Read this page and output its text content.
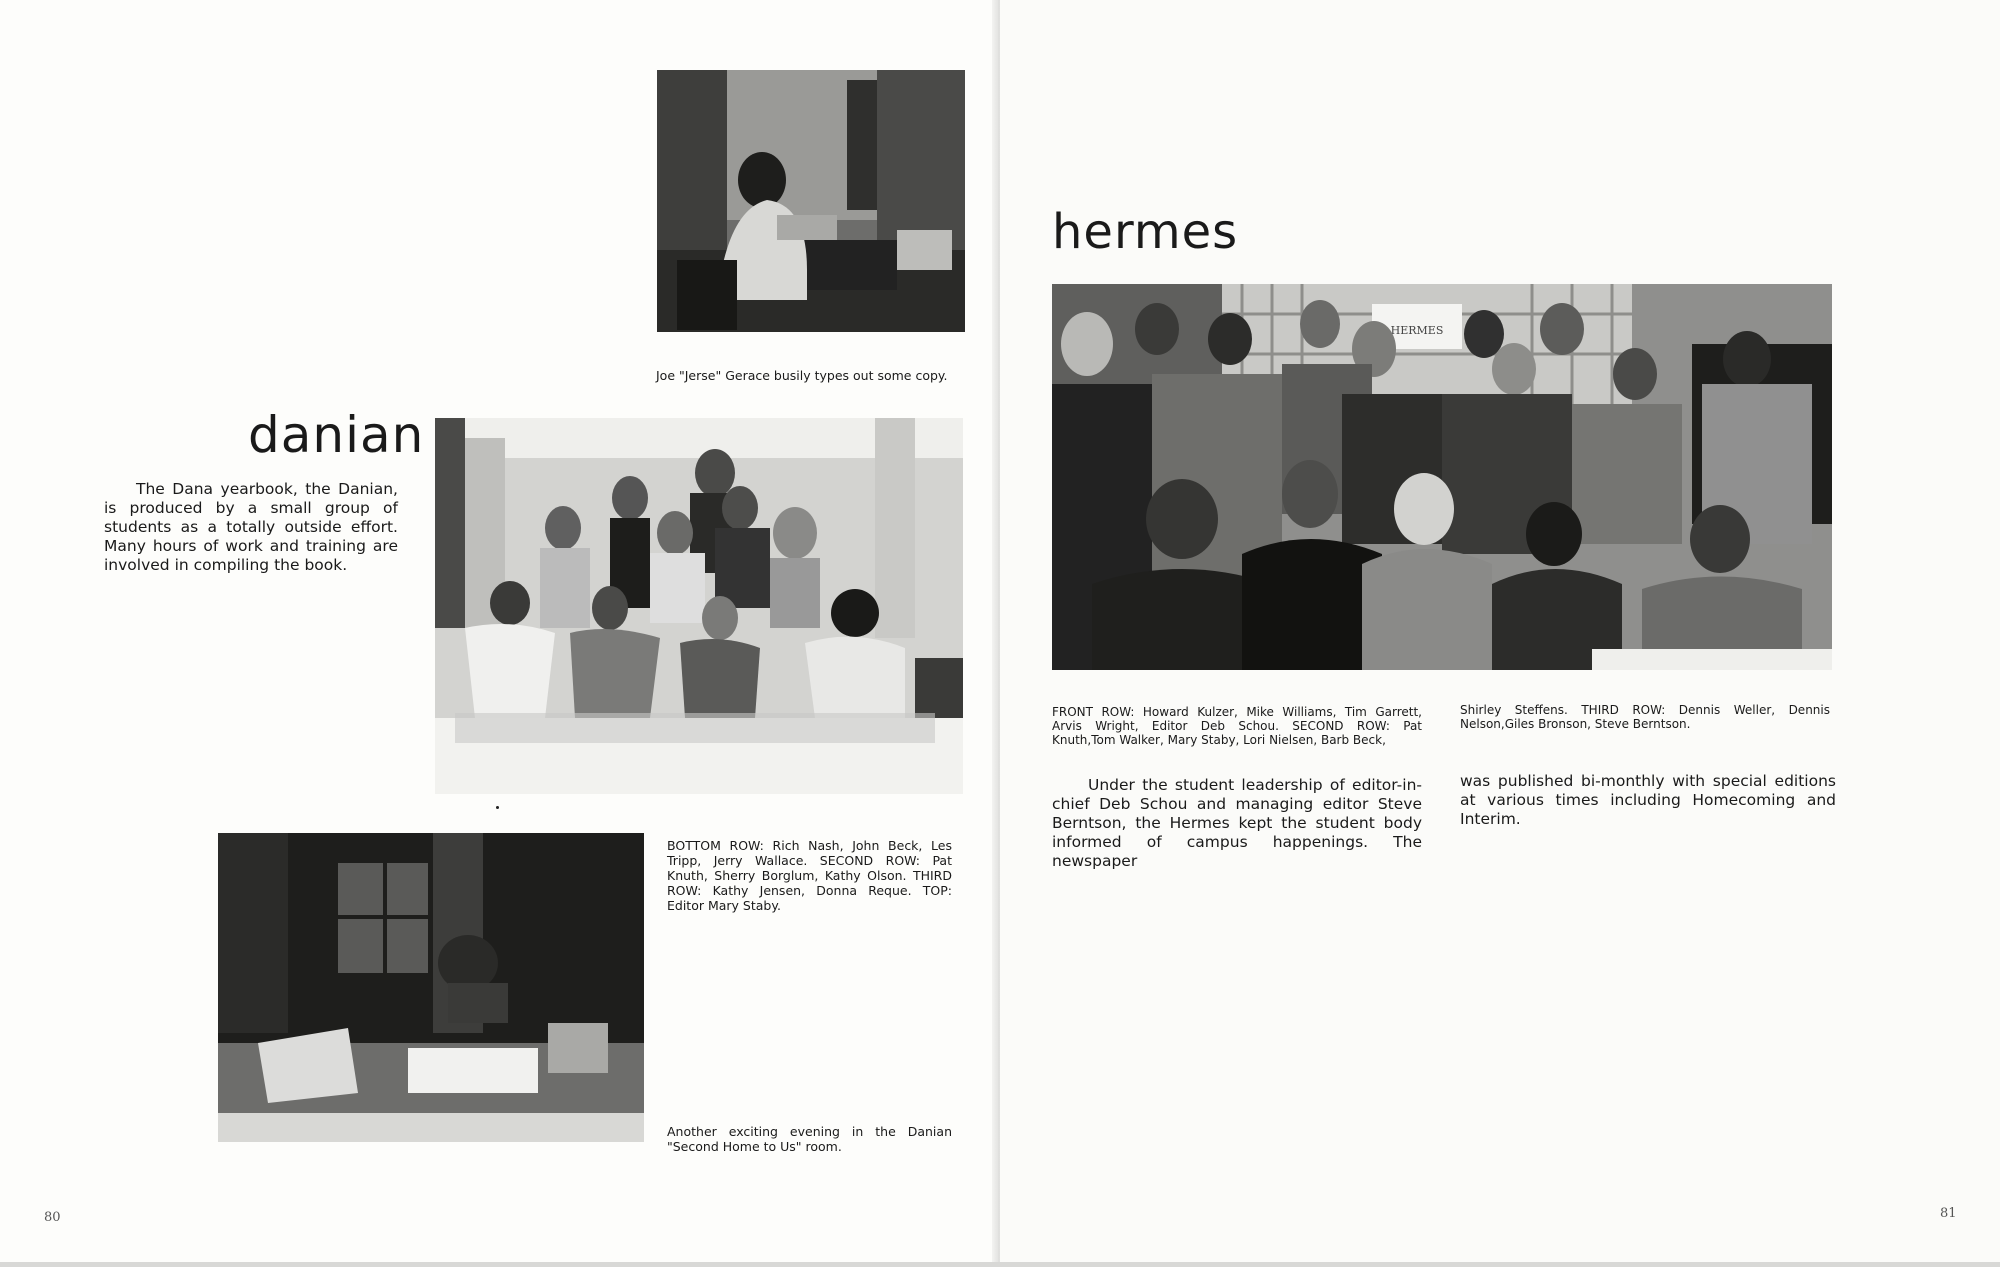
Joe "Jerse" Gerace busily types out some copy.
danian
The Dana yearbook, the Danian, is produced by a small group of students as a totally outside effort. Many hours of work and training are involved in compiling the book.
BOTTOM ROW: Rich Nash, John Beck, Les Tripp, Jerry Wallace. SECOND ROW: Pat Knuth, Sherry Borglum, Kathy Olson. THIRD ROW: Kathy Jensen, Donna Reque. TOP: Editor Mary Staby.
Another exciting evening in the Danian "Second Home to Us" room.
80
hermes
HERMES
FRONT ROW: Howard Kulzer, Mike Williams, Tim Garrett, Arvis Wright, Editor Deb Schou. SECOND ROW: Pat Knuth,Tom Walker, Mary Staby, Lori Nielsen, Barb Beck,
Shirley Steffens. THIRD ROW: Dennis Weller, Dennis Nelson,Giles Bronson, Steve Berntson.
Under the student leadership of editor-in-chief Deb Schou and managing editor Steve Berntson, the Hermes kept the student body informed of campus happenings. The newspaper
was published bi-monthly with special editions at various times including Homecoming and Interim.
81
